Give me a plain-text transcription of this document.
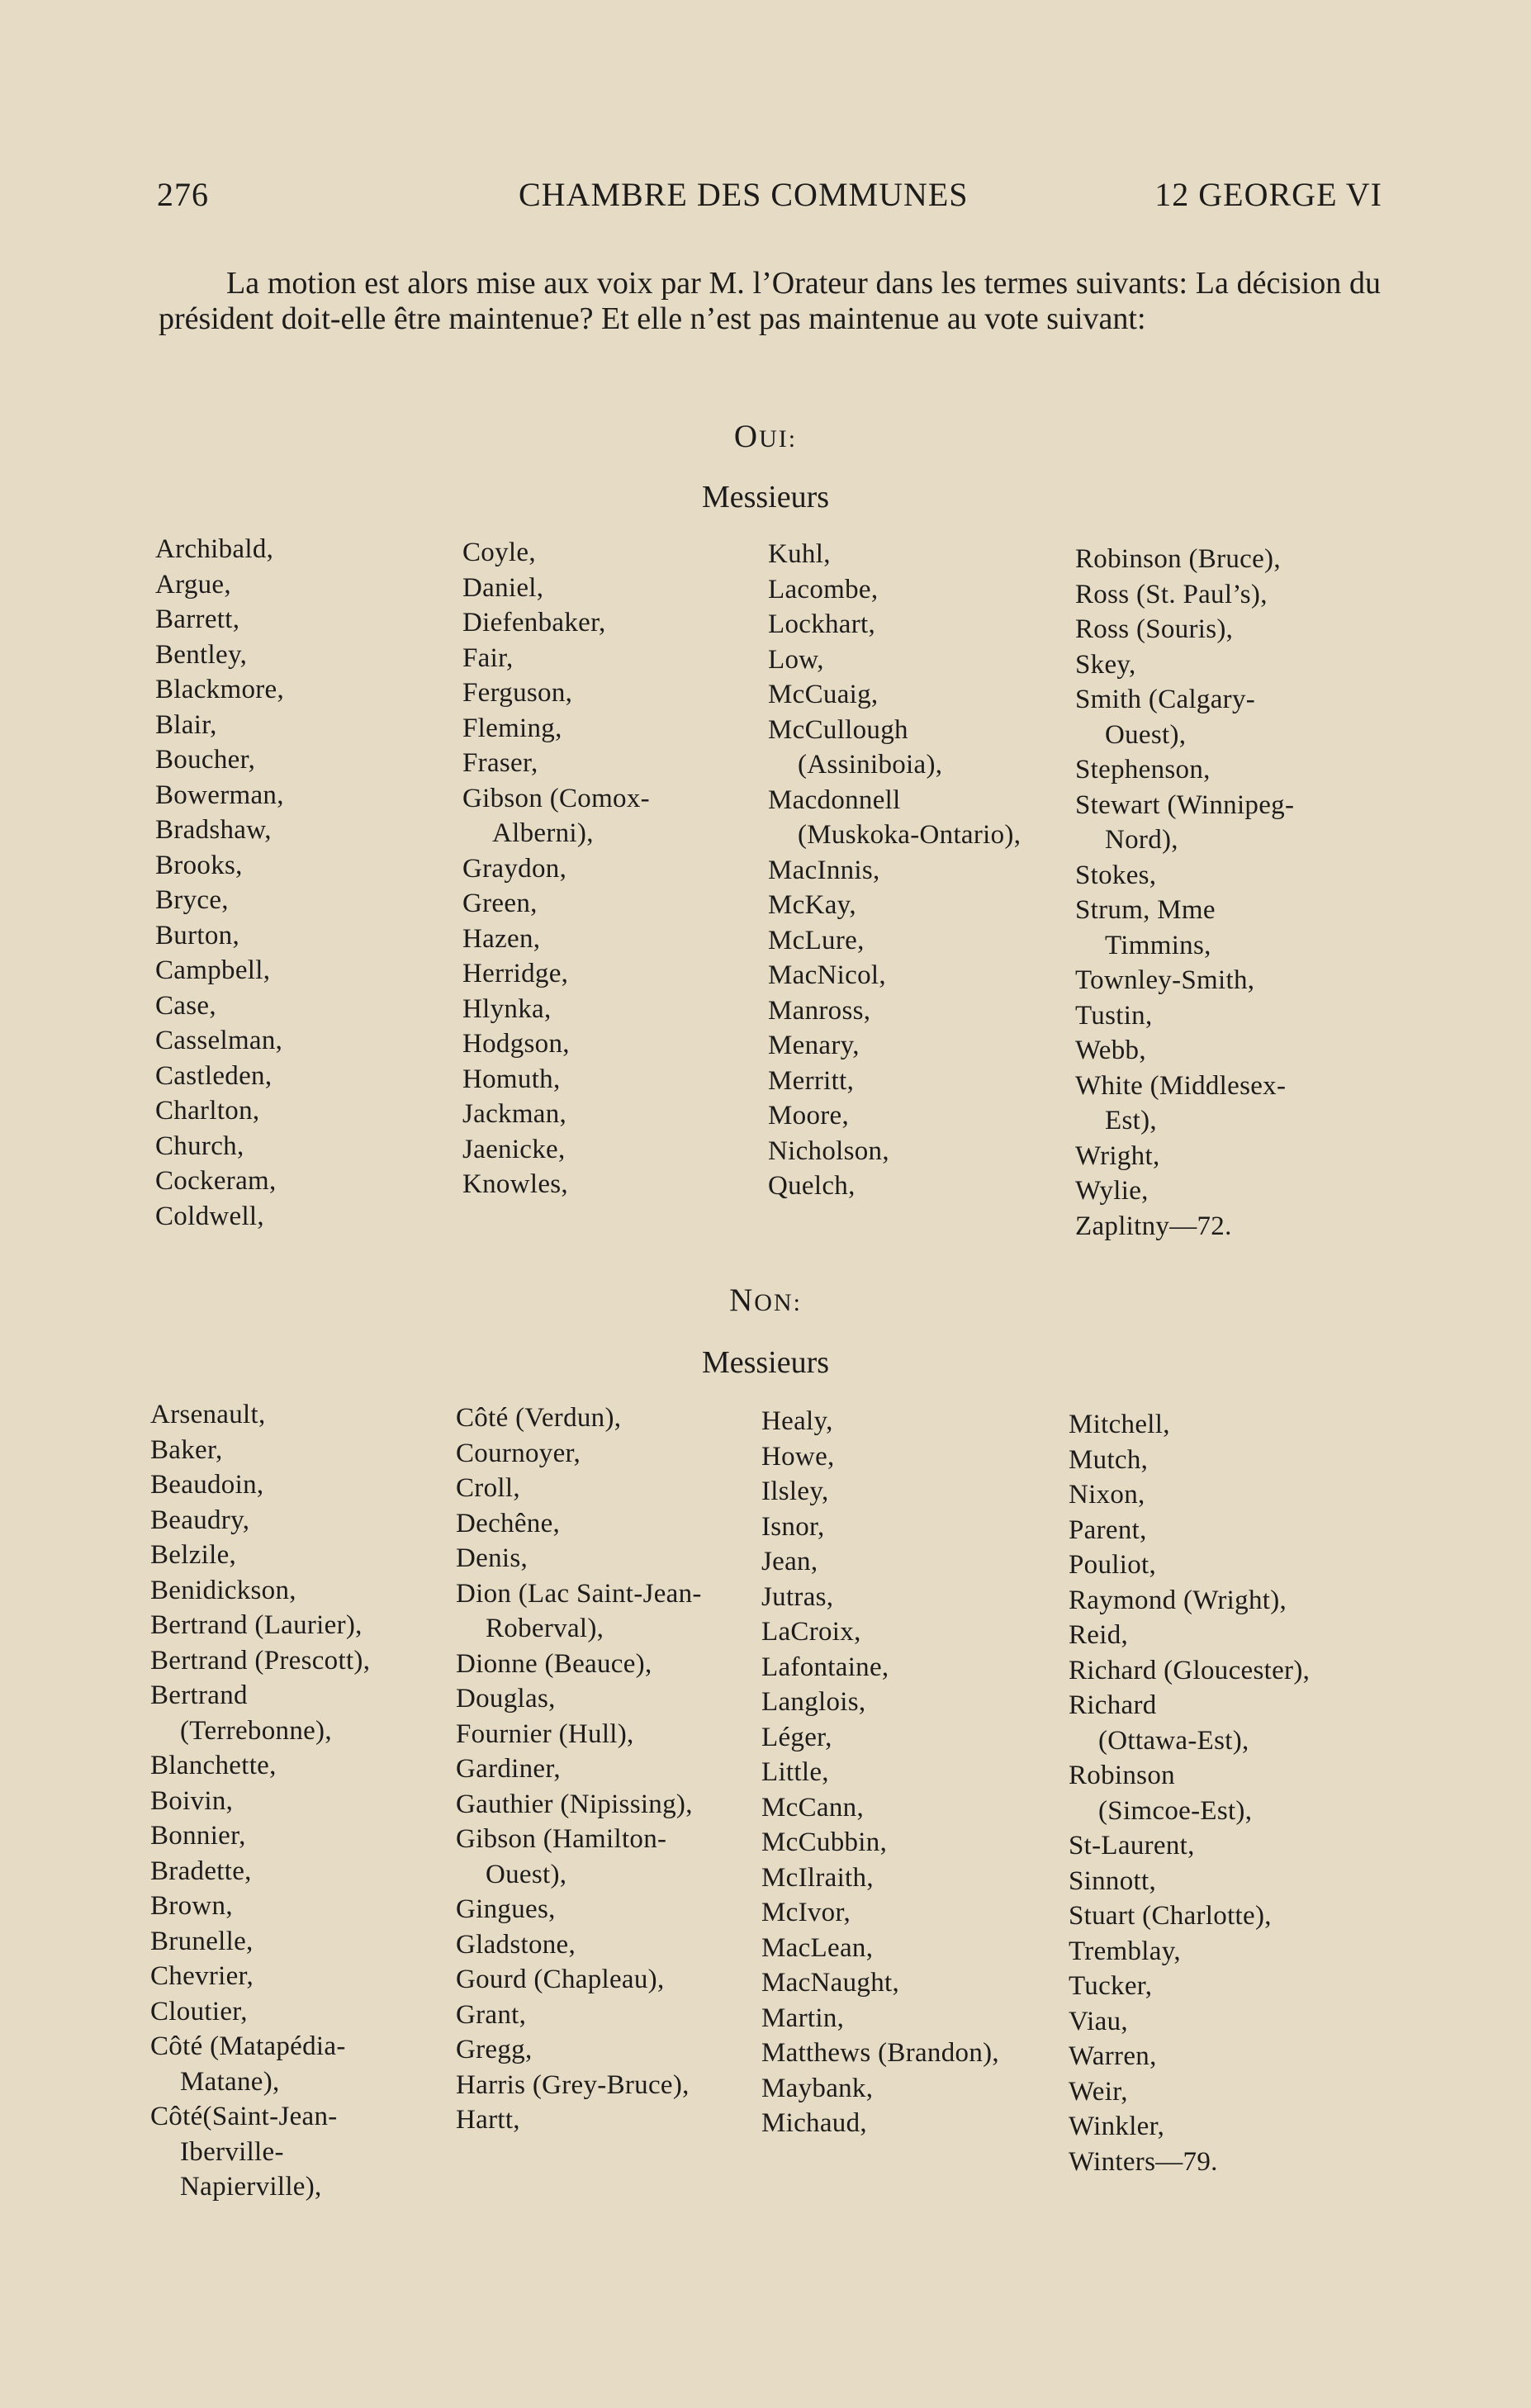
276	CHAMBRE DES COMMUNES	12 GEORGE VI

La motion est alors mise aux voix par M. l’Orateur dans les termes suivants: La décision du président doit-elle être maintenue? Et elle n’est pas maintenue au vote suivant:

OUI:
Messieurs
Archibald,
Argue,
Barrett,
Bentley,
Blackmore,
Blair,
Boucher,
Bowerman,
Bradshaw,
Brooks,
Bryce,
Burton,
Campbell,
Case,
Casselman,
Castleden,
Charlton,
Church,
Cockeram,
Coldwell,
Coyle,
Daniel,
Diefenbaker,
Fair,
Ferguson,
Fleming,
Fraser,
Gibson (Comox-
Alberni),
Graydon,
Green,
Hazen,
Herridge,
Hlynka,
Hodgson,
Homuth,
Jackman,
Jaenicke,
Knowles,
Kuhl,
Lacombe,
Lockhart,
Low,
McCuaig,
McCullough
(Assiniboia),
Macdonnell
(Muskoka-Ontario),
MacInnis,
McKay,
McLure,
MacNicol,
Manross,
Menary,
Merritt,
Moore,
Nicholson,
Quelch,
Robinson (Bruce),
Ross (St. Paul’s),
Ross (Souris),
Skey,
Smith (Calgary-
Ouest),
Stephenson,
Stewart (Winnipeg-
Nord),
Stokes,
Strum, Mme
Timmins,
Townley-Smith,
Tustin,
Webb,
White (Middlesex-
Est),
Wright,
Wylie,
Zaplitny—72.
NON:
Messieurs
Arsenault,
Baker,
Beaudoin,
Beaudry,
Belzile,
Benidickson,
Bertrand (Laurier),
Bertrand (Prescott),
Bertrand
(Terrebonne),
Blanchette,
Boivin,
Bonnier,
Bradette,
Brown,
Brunelle,
Chevrier,
Cloutier,
Côté (Matapédia-
Matane),
Côté(Saint-Jean-
Iberville-
Napierville),
Côté (Verdun),
Cournoyer,
Croll,
Dechêne,
Denis,
Dion (Lac Saint-Jean-
Roberval),
Dionne (Beauce),
Douglas,
Fournier (Hull),
Gardiner,
Gauthier (Nipissing),
Gibson (Hamilton-
Ouest),
Gingues,
Gladstone,
Gourd (Chapleau),
Grant,
Gregg,
Harris (Grey-Bruce),
Hartt,
Healy,
Howe,
Ilsley,
Isnor,
Jean,
Jutras,
LaCroix,
Lafontaine,
Langlois,
Léger,
Little,
McCann,
McCubbin,
McIlraith,
McIvor,
MacLean,
MacNaught,
Martin,
Matthews (Brandon),
Maybank,
Michaud,
Mitchell,
Mutch,
Nixon,
Parent,
Pouliot,
Raymond (Wright),
Reid,
Richard (Gloucester),
Richard
(Ottawa-Est),
Robinson
(Simcoe-Est),
St-Laurent,
Sinnott,
Stuart (Charlotte),
Tremblay,
Tucker,
Viau,
Warren,
Weir,
Winkler,
Winters—79.
